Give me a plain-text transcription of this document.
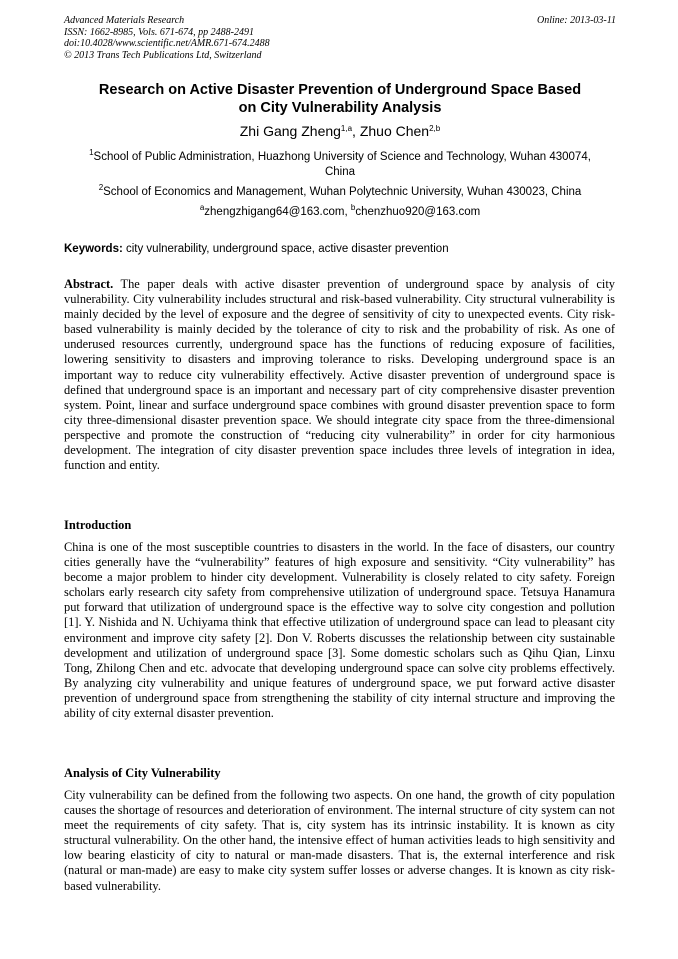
Advanced Materials Research
ISSN: 1662-8985, Vols. 671-674, pp 2488-2491
doi:10.4028/www.scientific.net/AMR.671-674.2488
© 2013 Trans Tech Publications Ltd, Switzerland
Online: 2013-03-11
Research on Active Disaster Prevention of Underground Space Based
on City Vulnerability Analysis
Zhi Gang Zheng$^{1,a}$, Zhuo Chen$^{2,b}$
$^1$School of Public Administration, Huazhong University of Science and Technology, Wuhan 430074,
China
$^2$School of Economics and Management, Wuhan Polytechnic University, Wuhan 430023, China
$^a$zhengzhigang64@163.com, $^b$chenzhuo920@163.com
Keywords: city vulnerability, underground space, active disaster prevention
Abstract. The paper deals with active disaster prevention of underground space by analysis of city vulnerability. City vulnerability includes structural and risk-based vulnerability. City structural vulnerability is mainly decided by the level of exposure and the degree of sensitivity of city to unexpected events. City risk-based vulnerability is mainly decided by the tolerance of city to risk and the probability of risk. As one of underused resources currently, underground space has the functions of reducing exposure of facilities, lowering sensitivity to disasters and improving tolerance to risks. Developing underground space is an important way to reduce city vulnerability effectively. Active disaster prevention of underground space is defined that underground space is an important and necessary part of city comprehensive disaster prevention system. Point, linear and surface underground space combines with ground disaster prevention space to form city three-dimensional disaster prevention space. We should integrate city space from the three-dimensional perspective and promote the construction of “reducing city vulnerability” in order for city harmonious development. The integration of city disaster prevention space includes three levels of integration in idea, function and entity.
Introduction
China is one of the most susceptible countries to disasters in the world. In the face of disasters, our country cities generally have the “vulnerability” features of high exposure and sensitivity. “City vulnerability” has become a major problem to hinder city development. Vulnerability is closely related to city safety. Foreign scholars early research city safety from comprehensive utilization of underground space. Tetsuya Hanamura put forward that utilization of underground space is the effective way to solve city congestion and pollution [1]. Y. Nishida and N. Uchiyama think that effective utilization of underground space can lead to pleasant city environment and improve city safety [2]. Don V. Roberts discusses the relationship between city sustainable development and utilization of underground space [3]. Some domestic scholars such as Qihu Qian, Linxu Tong, Zhilong Chen and etc. advocate that developing underground space can solve city problems effectively. By analyzing city vulnerability and unique features of underground space, we put forward active disaster prevention of underground space from strengthening the stability of city internal structure and improving the ability of city external disaster prevention.
Analysis of City Vulnerability
City vulnerability can be defined from the following two aspects. On one hand, the growth of city population causes the shortage of resources and deterioration of environment. The internal structure of city system can not meet the requirements of city safety. That is, city system has its intrinsic instability. It is known as city structural vulnerability. On the other hand, the intensive effect of human activities leads to high sensitivity and low bearing elasticity of city to natural or man-made disasters. That is, the external interference and risk (natural or man-made) are easy to make city system suffer losses or adverse changes. It is known as city risk-based vulnerability.
